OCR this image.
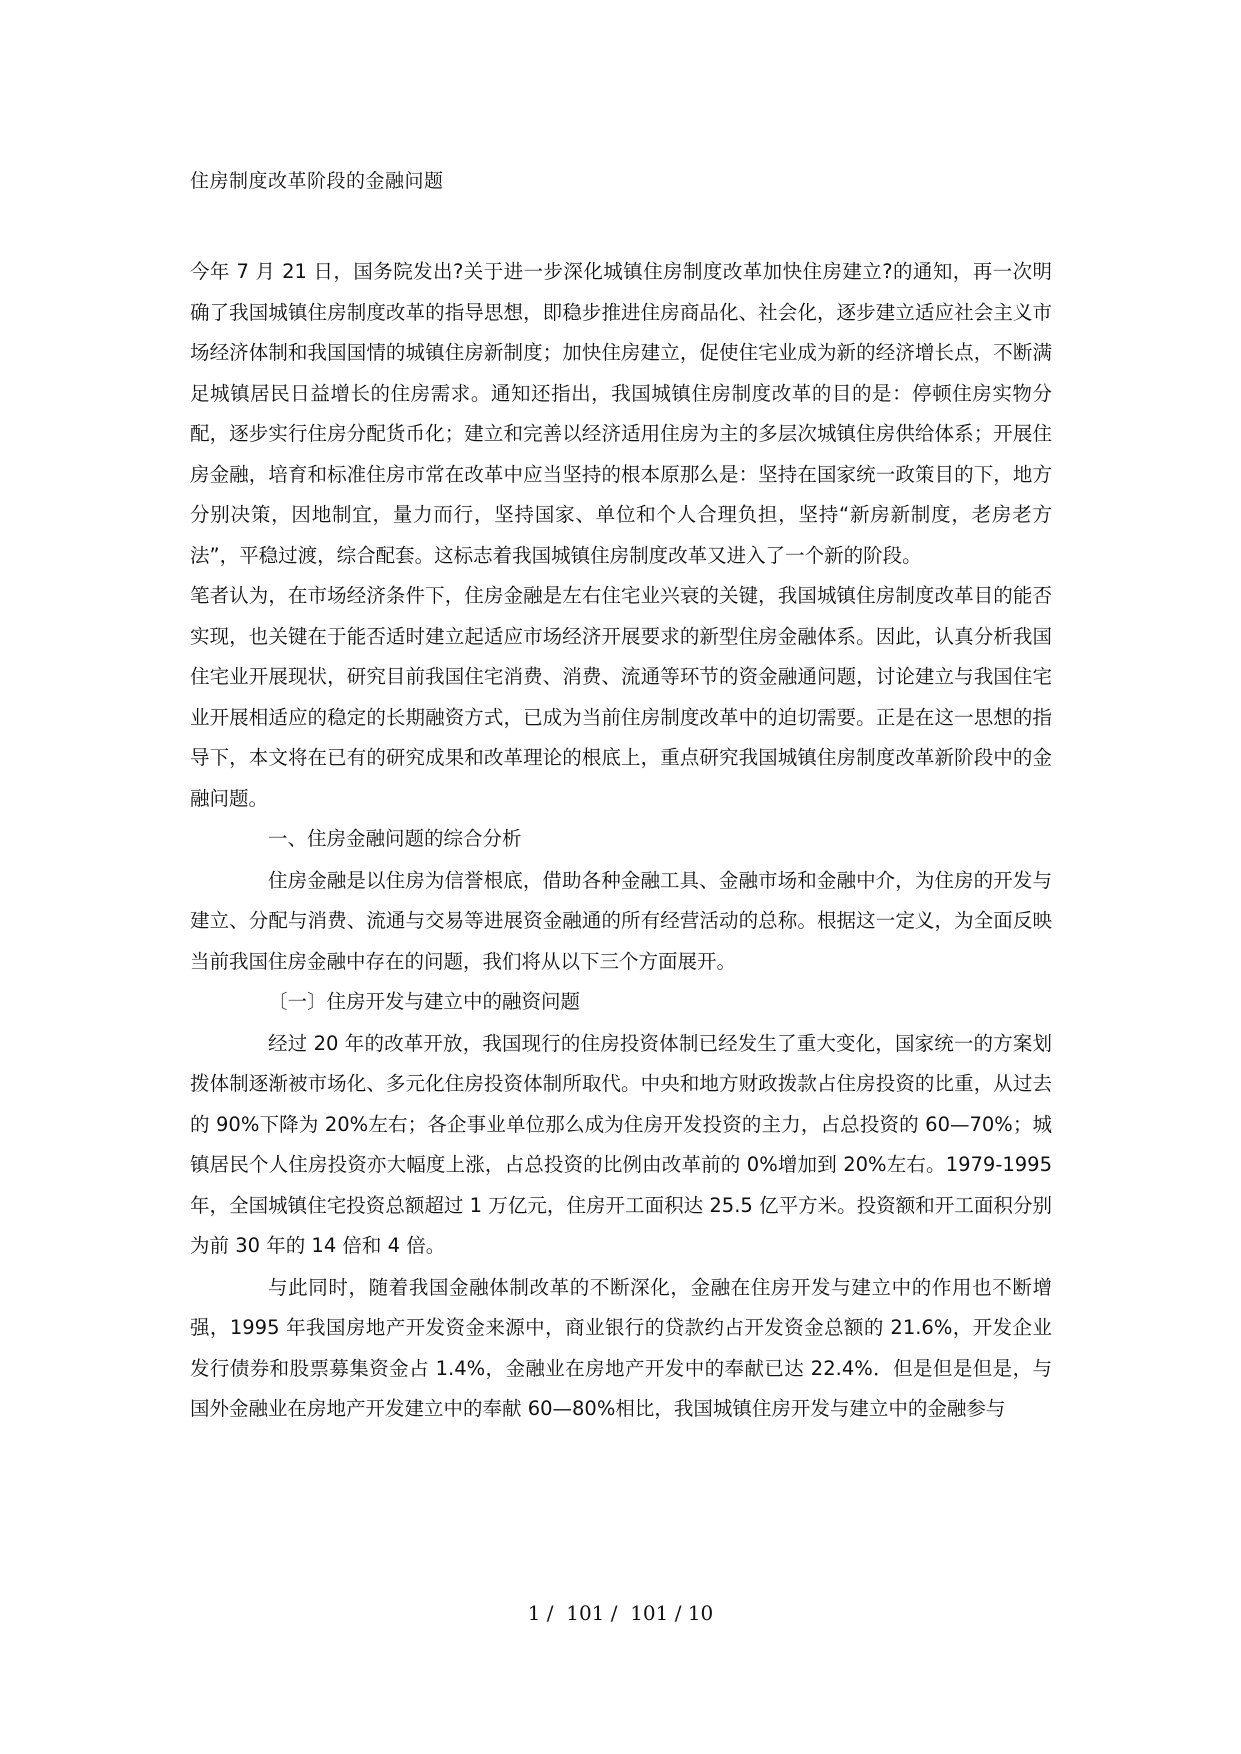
住房制度改革阶段的金融问题

今年 7 月 21 日，国务院发出?关于进一步深化城镇住房制度改革加快住房建立?的通知，再一次明确了我国城镇住房制度改革的指导思想，即稳步推进住房商品化、社会化，逐步建立适应社会主义市场经济体制和我国国情的城镇住房新制度；加快住房建立，促使住宅业成为新的经济增长点，不断满足城镇居民日益增长的住房需求。通知还指出，我国城镇住房制度改革的目的是：停顿住房实物分配，逐步实行住房分配货币化；建立和完善以经济适用住房为主的多层次城镇住房供给体系；开展住房金融，培育和标准住房市常在改革中应当坚持的根本原那么是：坚持在国家统一政策目的下，地方分别决策，因地制宜，量力而行，坚持国家、单位和个人合理负担，坚持“新房新制度，老房老方法”，平稳过渡，综合配套。这标志着我国城镇住房制度改革又进入了一个新的阶段。

笔者认为，在市场经济条件下，住房金融是左右住宅业兴衰的关键，我国城镇住房制度改革目的能否实现，也关键在于能否适时建立起适应市场经济开展要求的新型住房金融体系。因此，认真分析我国住宅业开展现状，研究目前我国住宅消费、消费、流通等环节的资金融通问题，讨论建立与我国住宅业开展相适应的稳定的长期融资方式，已成为当前住房制度改革中的迫切需要。正是在这一思想的指导下，本文将在已有的研究成果和改革理论的根底上，重点研究我国城镇住房制度改革新阶段中的金融问题。

一、住房金融问题的综合分析

住房金融是以住房为信誉根底，借助各种金融工具、金融市场和金融中介，为住房的开发与建立、分配与消费、流通与交易等进展资金融通的所有经营活动的总称。根据这一定义，为全面反映当前我国住房金融中存在的问题，我们将从以下三个方面展开。

〔一〕住房开发与建立中的融资问题

经过 20 年的改革开放，我国现行的住房投资体制已经发生了重大变化，国家统一的方案划拨体制逐渐被市场化、多元化住房投资体制所取代。中央和地方财政拨款占住房投资的比重，从过去的 90%下降为 20%左右；各企事业单位那么成为住房开发投资的主力，占总投资的 60—70%；城镇居民个人住房投资亦大幅度上涨，占总投资的比例由改革前的 0%增加到 20%左右。1979-1995 年，全国城镇住宅投资总额超过 1 万亿元，住房开工面积达 25.5 亿平方米。投资额和开工面积分别为前 30 年的 14 倍和 4 倍。

与此同时，随着我国金融体制改革的不断深化，金融在住房开发与建立中的作用也不断增强，1995 年我国房地产开发资金来源中，商业银行的贷款约占开发资金总额的 21.6%，开发企业发行债券和股票募集资金占 1.4%，金融业在房地产开发中的奉献已达 22.4%．但是但是但是，与国外金融业在房地产开发建立中的奉献 60—80%相比，我国城镇住房开发与建立中的金融参与

1 /  101 /  101 / 10
